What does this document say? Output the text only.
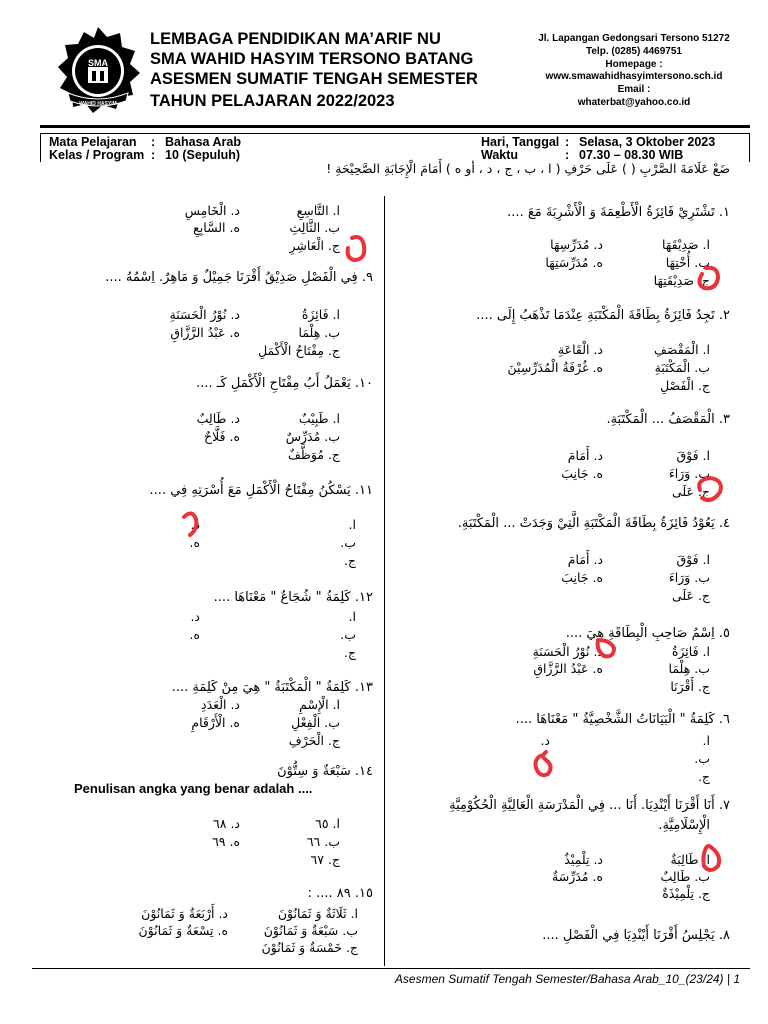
SMA
WAHID HASYIM
LEMBAGA PENDIDIKAN MA’ARIF NU
SMA WAHID HASYIM TERSONO BATANG
ASESMEN SUMATIF TENGAH SEMESTER
TAHUN PELAJARAN 2022/2023
Jl. Lapangan Gedongsari Tersono 51272
Telp. (0285) 4469751
Homepage :
www.smawahidhasyimtersono.sch.id
Email :
whaterbat@yahoo.co.id
Mata Pelajaran : Bahasa Arab
Kelas / Program : 10 (Sepuluh)
Hari, Tanggal : Selasa, 3 Oktober 2023
Waktu	: 07.30 – 08.30 WIB
ضَعْ عَلَامَةَ الصَّرْبِ ( ) عَلَى حَرْفِ ( ا ، ب ، ج ، د ، أو ه ) أَمَامَ الْإِجَابَةِ الصَّحِيْحَةِ !
١. تَشْتَرِيْ فَائِزَةُ الْأَطْعِمَةَ وَ الْأَشْرِبَةَ مَعَ ....
ا. صَدِيْقَهَا
ب. أُخْتِهَا
ج. صَدِيْقَتِهَا
د. مُدَرِّسِهَا
ه. مُدَرِّسَتِهَا
٢. تَجِدُ فَائِزَةُ بِطَاقَةَ الْمَكْتَبَةِ عِنْدَمَا تَذْهَبُ إِلَى ....
ا. الْمَقْصَفِ
ب. الْمَكْتَبَةِ
ج. الْفَصْلِ
د. الْقَاعَةِ
ه. غُرْفَةُ الْمُدَرِّسِيْنَ
٣. الْمَقْصَفُ ... الْمَكْتَبَةِ.
ا. فَوْقَ
ب. وَرَاءَ
ج. عَلَى
د. أَمَامَ
ه. جَانِبَ
٤. يَعُوْدُ فَائِزَةُ بِطَاقَةَ الْمَكْتَبَةِ الَّتِيْ وَجَدَتْ ... الْمَكْتَبَةِ.
ا. فَوْقَ
ب. وَرَاءَ
ج. عَلَى
د. أَمَامَ
ه. جَانِبَ
٥. اِسْمُ صَاحِبِ الْبِطَاقَةِ هِيَ ....
ا. فَائِزَةُ
ب. هِلْمَا
ج. أَقْرَنَا
د. نُوْرُ الْحَسَنَةِ
ه. عَبْدُ الرَّزَّاقِ
٦. كَلِمَةُ " الْبَيَانَاتُ الشَّخْصِيَّةُ " مَعْنَاهَا ....
ا.
ب.
ج.
د.
٧. أَنَا أَقْرَنَا أَيْنْدِيَا. أَنَا ... فِي الْمَدْرَسَةِ الْعَالِيَّةِ الْحُكُوْمِيَّةِ
الْإِسْلَامِيَّةِ.
ا. طَالِبَةٌ
ب. طَالِبٌ
ج. تِلْمِيْذَةٌ
د. تِلْمِيْذٌ
ه. مُدَرِّسَةٌ
٨. يَجْلِسُ أَقْرَنَا أَيْنْدِيَا فِي الْفَصْلِ ....
ا. التَّاسِعِ
ب. الثَّالِثِ
ج. الْعَاشِرِ
د. الْخَامِسِ
ه. السَّابِعِ
٩. فِي الْفَصْلِ صَدِيْقُ أَقْرَنَا جَمِيْلٌ وَ مَاهِرٌ. اِسْمُهُ ....
ا. فَائِزَةُ
ب. هِلْمَا
ج. مِفْتَاحُ الْأَكْمَلِ
د. نُوْرُ الْحَسَنَةِ
ه. عَبْدُ الرَّزَّاقِ
١٠. يَعْمَلُ أَبُ مِفْتَاحِ الْأَكْمَلِ كَـ ....
ا. طَبِيْبٌ
ب. مُدَرِّسٌ
ج. مُوَظَّفٌ
د. طَالِبٌ
ه. فَلَّاحٌ
١١. يَسْكُنُ مِفْتَاحُ الْأَكْمَلِ مَعَ أُسْرَتِهِ فِي ....
ا.
ب.
ج.
د.
ه.
١٢. كَلِمَةُ " شُجَاعٌ " مَعْنَاهَا ....
ا.
ب.
ج.
د.
ه.
١٣. كَلِمَةُ " الْمَكْتَبَةُ " هِيَ مِنْ كَلِمَةِ ....
ا. الْإِسْمِ
ب. الْفِعْلِ
ج. الْحَرْفِ
د. الْعَدَدِ
ه. الْأَرْقَامِ
١٤. سَبْعَةٌ وَ سِتُّوْنَ
Penulisan angka yang benar adalah ....
ا. ٦٥
ب. ٦٦
ج. ٦٧
د. ٦٨
ه. ٦٩
١٥. ٨٩ .... :
ا. ثَلَاثَةٌ وَ ثَمَانُوْنَ
ب. سَبْعَةٌ وَ ثَمَانُوْنَ
ج. خَمْسَةٌ وَ ثَمَانُوْنَ
د. أَرْبَعَةٌ وَ ثَمَانُوْنَ
ه. تِسْعَةٌ وَ ثَمَانُوْنَ
Asesmen Sumatif Tengah Semester/Bahasa Arab_10_(23/24) | 1
